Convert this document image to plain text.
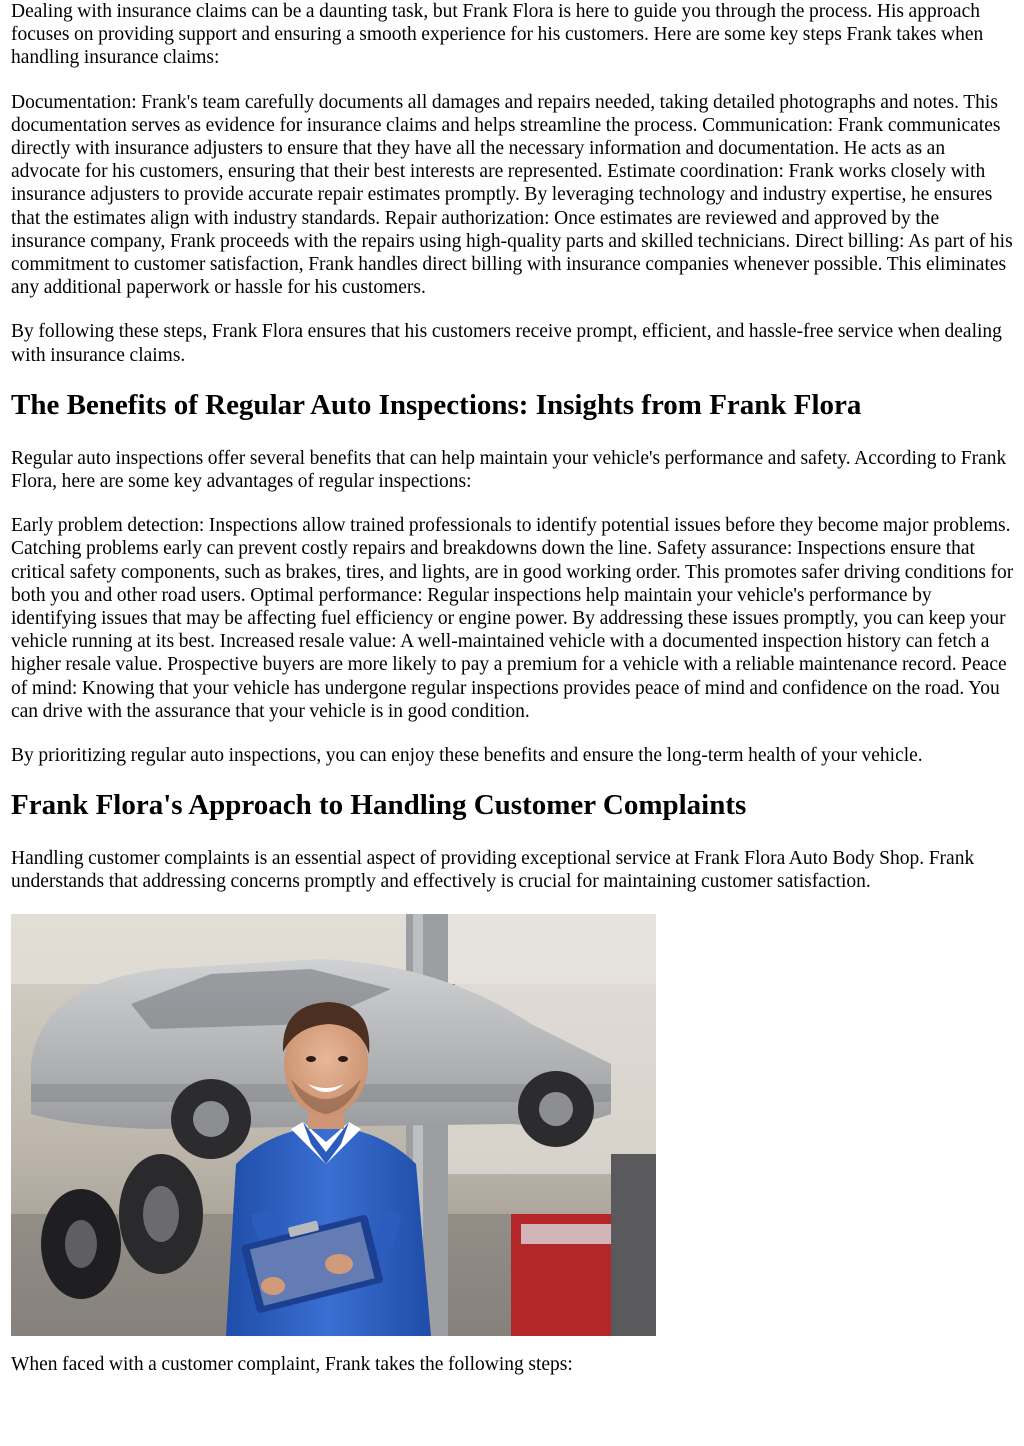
Dealing with insurance claims can be a daunting task, but Frank Flora is here to guide you through the process. His approach focuses on providing support and ensuring a smooth experience for his customers. Here are some key steps Frank takes when handling insurance claims:

Documentation: Frank's team carefully documents all damages and repairs needed, taking detailed photographs and notes. This documentation serves as evidence for insurance claims and helps streamline the process. Communication: Frank communicates directly with insurance adjusters to ensure that they have all the necessary information and documentation. He acts as an advocate for his customers, ensuring that their best interests are represented. Estimate coordination: Frank works closely with insurance adjusters to provide accurate repair estimates promptly. By leveraging technology and industry expertise, he ensures that the estimates align with industry standards. Repair authorization: Once estimates are reviewed and approved by the insurance company, Frank proceeds with the repairs using high-quality parts and skilled technicians. Direct billing: As part of his commitment to customer satisfaction, Frank handles direct billing with insurance companies whenever possible. This eliminates any additional paperwork or hassle for his customers.

By following these steps, Frank Flora ensures that his customers receive prompt, efficient, and hassle-free service when dealing with insurance claims.

The Benefits of Regular Auto Inspections: Insights from Frank Flora

Regular auto inspections offer several benefits that can help maintain your vehicle's performance and safety. According to Frank Flora, here are some key advantages of regular inspections:

Early problem detection: Inspections allow trained professionals to identify potential issues before they become major problems. Catching problems early can prevent costly repairs and breakdowns down the line. Safety assurance: Inspections ensure that critical safety components, such as brakes, tires, and lights, are in good working order. This promotes safer driving conditions for both you and other road users. Optimal performance: Regular inspections help maintain your vehicle's performance by identifying issues that may be affecting fuel efficiency or engine power. By addressing these issues promptly, you can keep your vehicle running at its best. Increased resale value: A well-maintained vehicle with a documented inspection history can fetch a higher resale value. Prospective buyers are more likely to pay a premium for a vehicle with a reliable maintenance record. Peace of mind: Knowing that your vehicle has undergone regular inspections provides peace of mind and confidence on the road. You can drive with the assurance that your vehicle is in good condition.

By prioritizing regular auto inspections, you can enjoy these benefits and ensure the long-term health of your vehicle.

Frank Flora's Approach to Handling Customer Complaints

Handling customer complaints is an essential aspect of providing exceptional service at Frank Flora Auto Body Shop. Frank understands that addressing concerns promptly and effectively is crucial for maintaining customer satisfaction.

When faced with a customer complaint, Frank takes the following steps:
